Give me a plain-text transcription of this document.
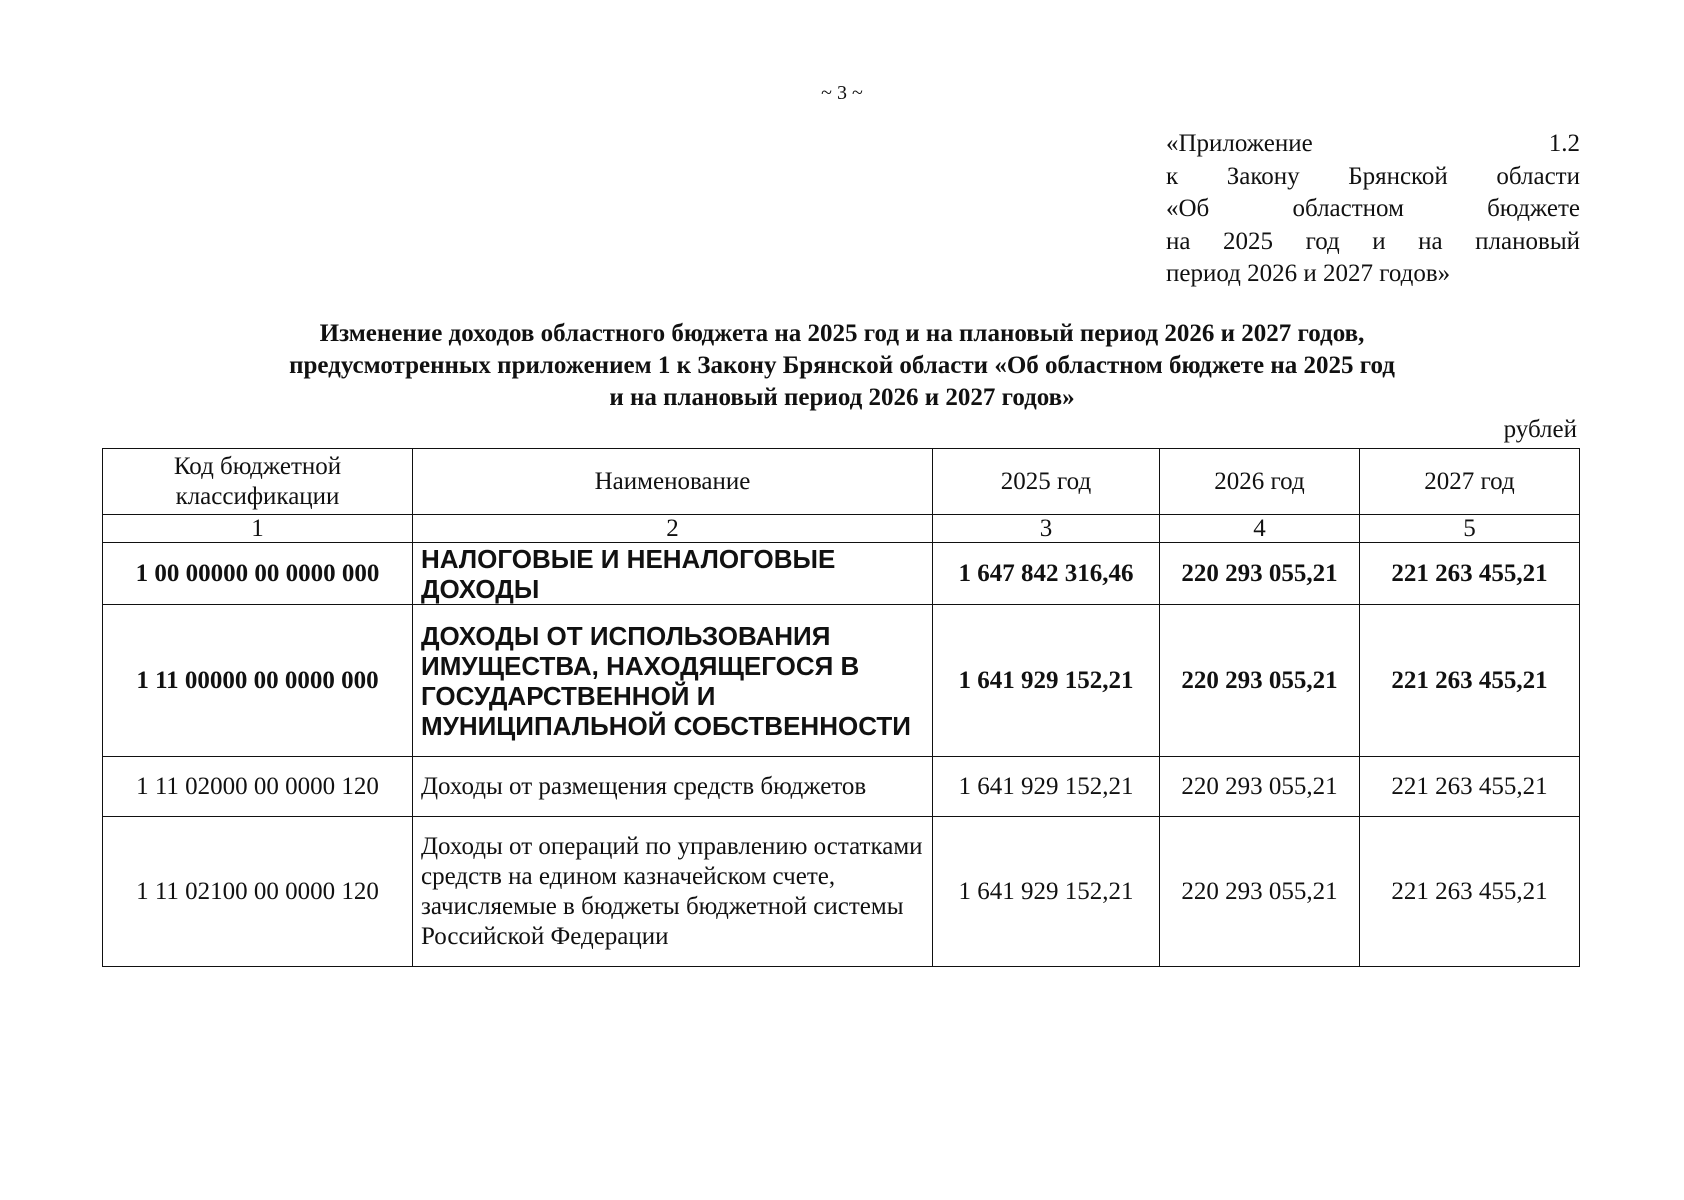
~ 3 ~
«Приложение 1.2
к Закону Брянской области
«Об областном бюджете
на 2025 год и на плановый
период 2026 и 2027 годов»
Изменение доходов областного бюджета на 2025 год и на плановый период 2026 и 2027 годов,
предусмотренных приложением 1 к Закону Брянской области «Об областном бюджете на 2025 год
и на плановый период 2026 и 2027 годов»
рублей
Код бюджетной классификации	Наименование	2025 год	2026 год	2027 год
1	2	3	4	5
1 00 00000 00 0000 000	НАЛОГОВЫЕ И НЕНАЛОГОВЫЕ ДОХОДЫ	1 647 842 316,46	220 293 055,21	221 263 455,21
1 11 00000 00 0000 000	ДОХОДЫ ОТ ИСПОЛЬЗОВАНИЯ ИМУЩЕСТВА, НАХОДЯЩЕГОСЯ В ГОСУДАРСТВЕННОЙ И МУНИЦИПАЛЬНОЙ СОБСТВЕННОСТИ	1 641 929 152,21	220 293 055,21	221 263 455,21
1 11 02000 00 0000 120	Доходы от размещения средств бюджетов	1 641 929 152,21	220 293 055,21	221 263 455,21
1 11 02100 00 0000 120	Доходы от операций по управлению остатками средств на едином казначейском счете, зачисляемые в бюджеты бюджетной системы Российской Федерации	1 641 929 152,21	220 293 055,21	221 263 455,21
